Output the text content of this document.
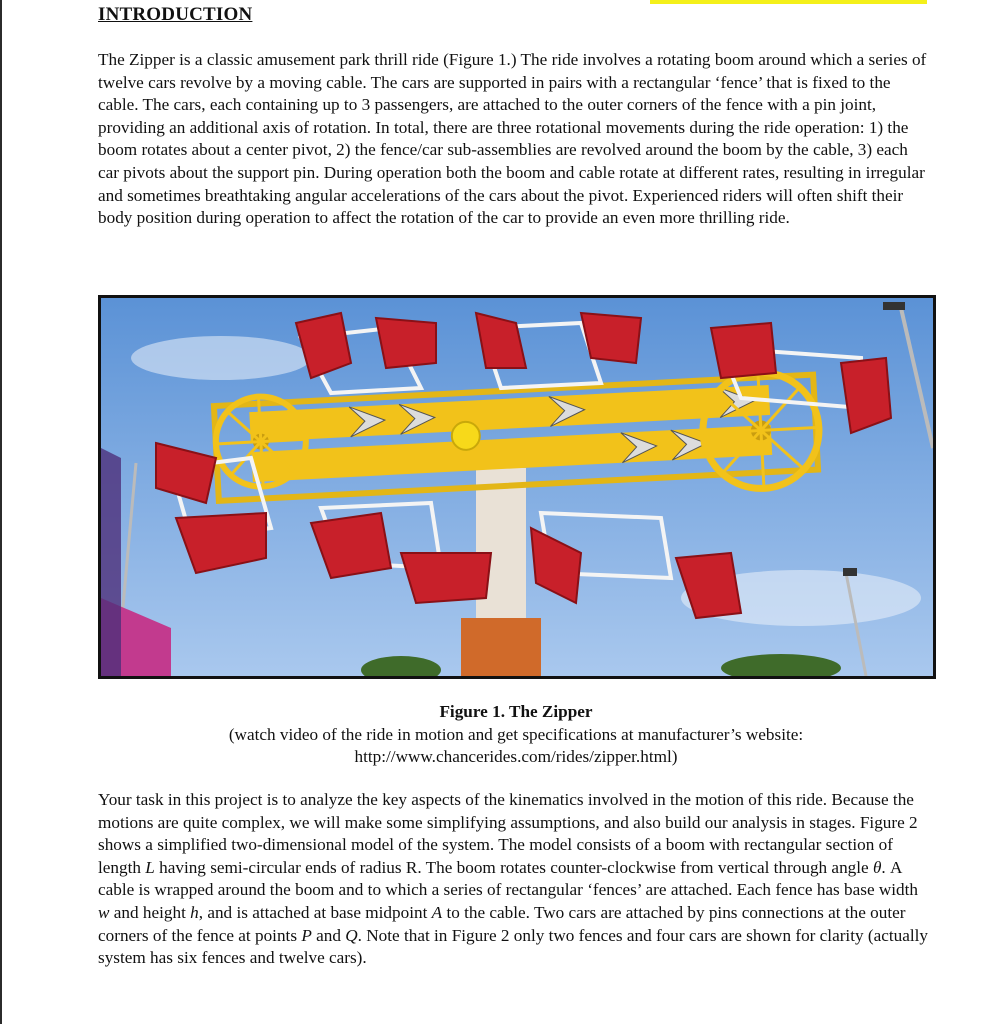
INTRODUCTION

The Zipper is a classic amusement park thrill ride (Figure 1.) The ride involves a rotating boom around which a series of twelve cars revolve by a moving cable. The cars are supported in pairs with a rectangular ‘fence’ that is fixed to the cable. The cars, each containing up to 3 passengers, are attached to the outer corners of the fence with a pin joint, providing an additional axis of rotation. In total, there are three rotational movements during the ride operation: 1) the boom rotates about a center pivot, 2) the fence/car sub-assemblies are revolved around the boom by the cable, 3) each car pivots about the support pin. During operation both the boom and cable rotate at different rates, resulting in irregular and sometimes breathtaking angular accelerations of the cars about the pivot. Experienced riders will often shift their body position during operation to affect the rotation of the car to provide an even more thrilling ride.

Figure 1. The Zipper

(watch video of the ride in motion and get specifications at manufacturer’s website:

http://www.chancerides.com/rides/zipper.html)

Your task in this project is to analyze the key aspects of the kinematics involved in the motion of this ride. Because the motions are quite complex, we will make some simplifying assumptions, and also build our analysis in stages. Figure 2 shows a simplified two-dimensional model of the system. The model consists of a boom with rectangular section of length L having semi-circular ends of radius R. The boom rotates counter-clockwise from vertical through angle θ. A cable is wrapped around the boom and to which a series of rectangular ‘fences’ are attached. Each fence has base width w and height h, and is attached at base midpoint A to the cable. Two cars are attached by pins connections at the outer corners of the fence at points P and Q. Note that in Figure 2 only two fences and four cars are shown for clarity (actually system has six fences and twelve cars).
